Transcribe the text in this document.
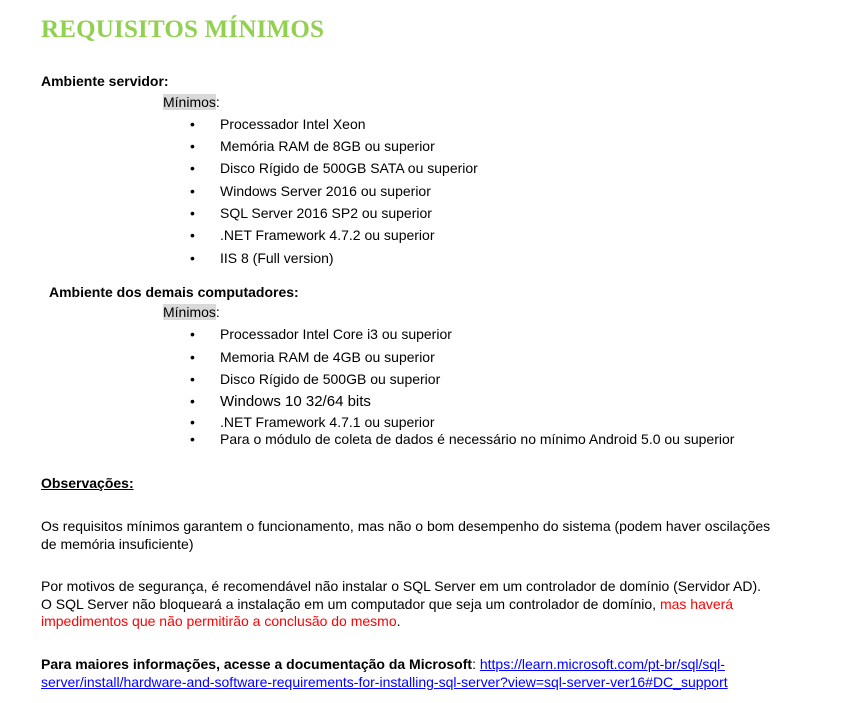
REQUISITOS MÍNIMOS
Ambiente servidor:
Mínimos:
• Processador Intel Xeon
• Memória RAM de 8GB ou superior
• Disco Rígido de 500GB SATA ou superior
• Windows Server 2016 ou superior
• SQL Server 2016 SP2 ou superior
• .NET Framework 4.7.2 ou superior
• IIS 8 (Full version)
Ambiente dos demais computadores:
Mínimos:
• Processador Intel Core i3 ou superior
• Memoria RAM de 4GB ou superior
• Disco Rígido de 500GB ou superior
• Windows 10 32/64 bits
• .NET Framework 4.7.1 ou superior
• Para o módulo de coleta de dados é necessário no mínimo Android 5.0 ou superior
Observações:

Os requisitos mínimos garantem o funcionamento, mas não o bom desempenho do sistema (podem haver oscilações de memória insuficiente)

Por motivos de segurança, é recomendável não instalar o SQL Server em um controlador de domínio (Servidor AD). O SQL Server não bloqueará a instalação em um computador que seja um controlador de domínio, mas haverá impedimentos que não permitirão a conclusão do mesmo.

Para maiores informações, acesse a documentação da Microsoft: https://learn.microsoft.com/pt-br/sql/sql-
server/install/hardware-and-software-requirements-for-installing-sql-server?view=sql-server-ver16#DC_support
